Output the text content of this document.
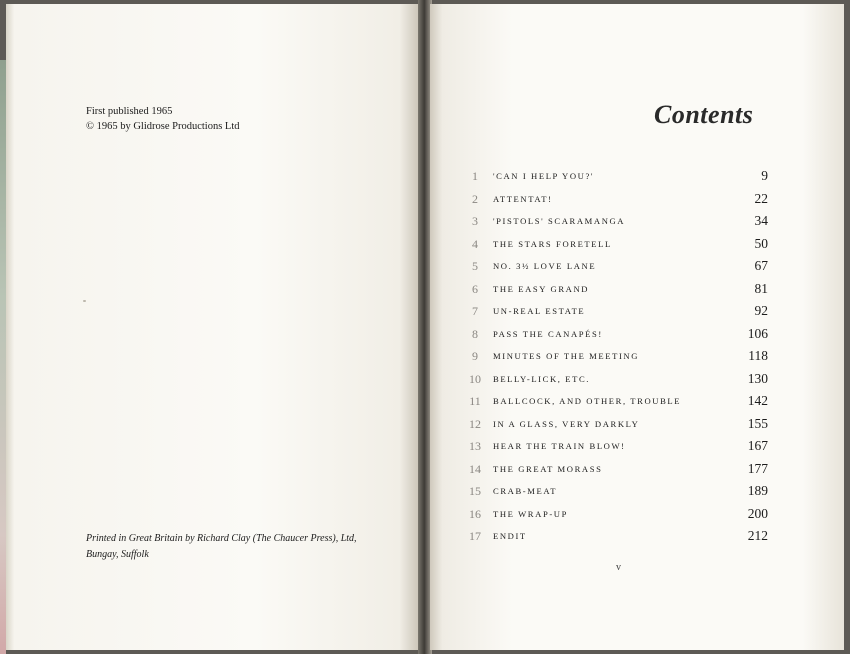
First published 1965
© 1965 by Glidrose Productions Ltd
Printed in Great Britain by Richard Clay (The Chaucer Press), Ltd,
Bungay, Suffolk
Contents
1	'CAN I HELP YOU?'	9
2	ATTENTAT!	22
3	'PISTOLS' SCARAMANGA	34
4	THE STARS FORETELL	50
5	NO. 3½ LOVE LANE	67
6	THE EASY GRAND	81
7	UN-REAL ESTATE	92
8	PASS THE CANAPÉS!	106
9	MINUTES OF THE MEETING	118
10	BELLY-LICK, ETC.	130
11	BALLCOCK, AND OTHER, TROUBLE	142
12	IN A GLASS, VERY DARKLY	155
13	HEAR THE TRAIN BLOW!	167
14	THE GREAT MORASS	177
15	CRAB-MEAT	189
16	THE WRAP-UP	200
17	ENDIT	212
v
